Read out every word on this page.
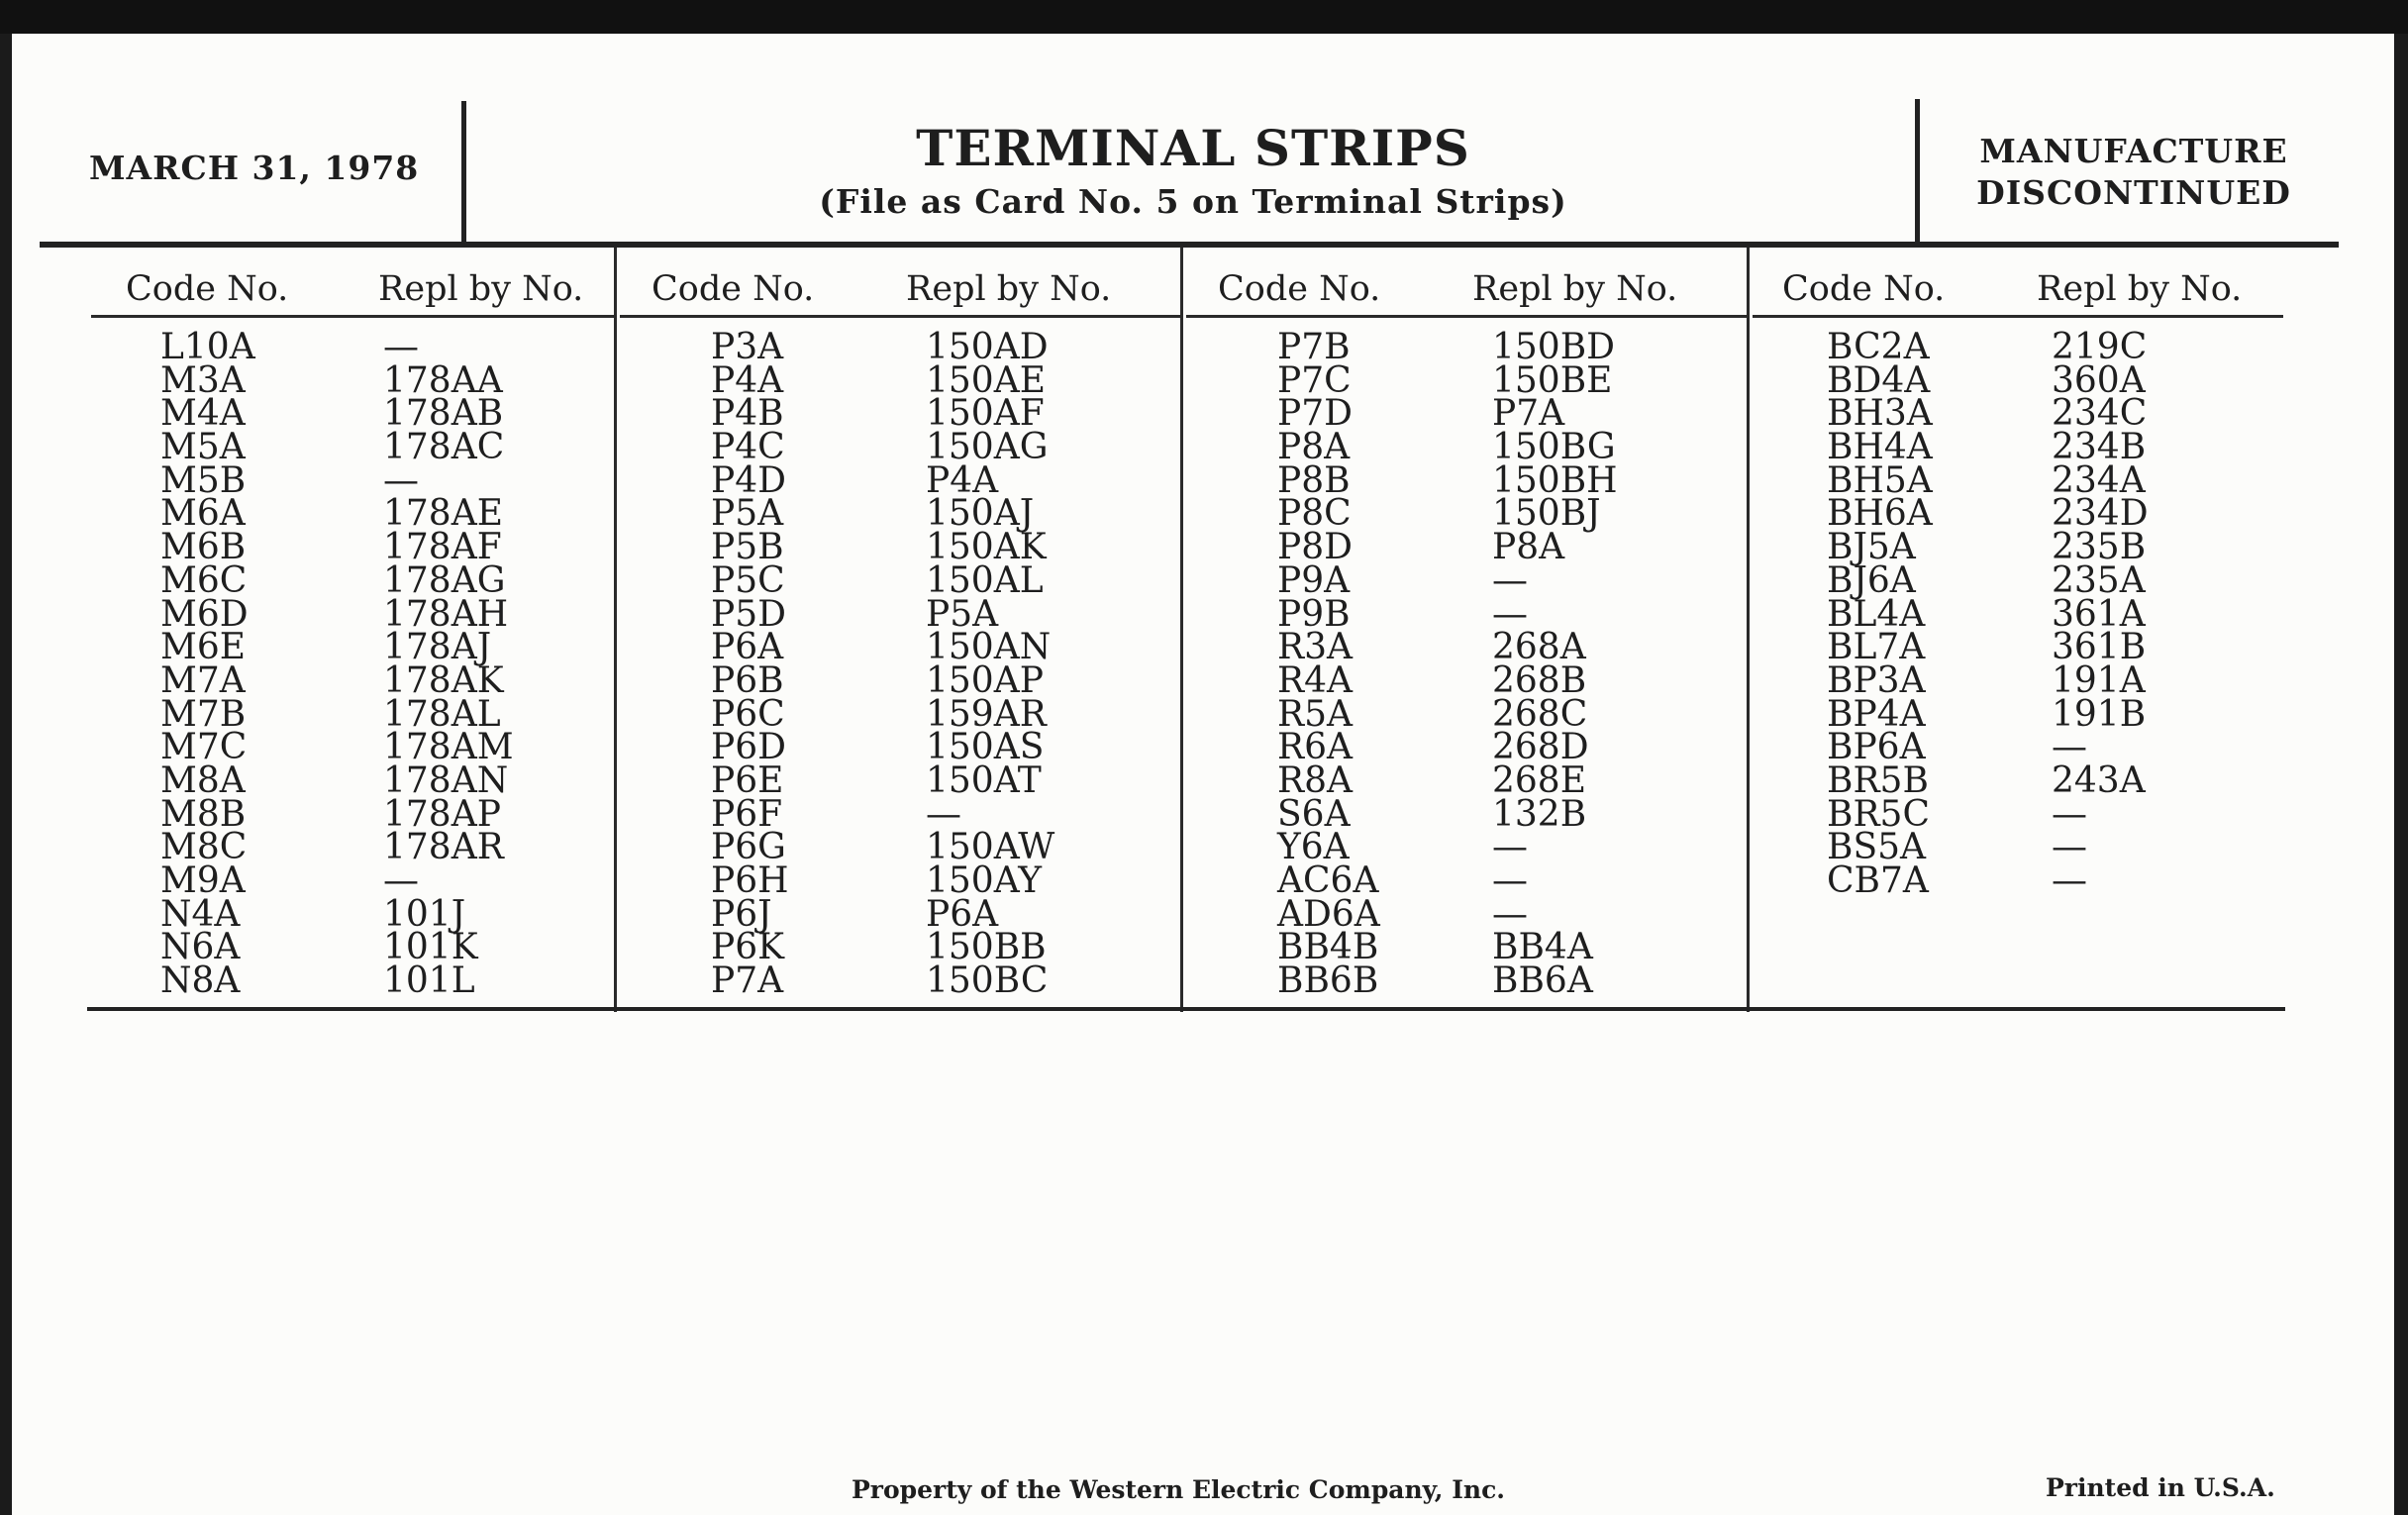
MARCH 31, 1978	TERMINAL STRIPS
(File as Card No. 5 on Terminal Strips)
MANUFACTURE
DISCONTINUED
Code No.	Repl by No.
L10A	—
M3A	178AA
M4A	178AB
M5A	178AC
M5B	—
M6A	178AE
M6B	178AF
M6C	178AG
M6D	178AH
M6E	178AJ
M7A	178AK
M7B	178AL
M7C	178AM
M8A	178AN
M8B	178AP
M8C	178AR
M9A	—
N4A	101J
N6A	101K
N8A	101L
Code No.	Repl by No.
P3A	150AD
P4A	150AE
P4B	150AF
P4C	150AG
P4D	P4A
P5A	150AJ
P5B	150AK
P5C	150AL
P5D	P5A
P6A	150AN
P6B	150AP
P6C	159AR
P6D	150AS
P6E	150AT
P6F	—
P6G	150AW
P6H	150AY
P6J	P6A
P6K	150BB
P7A	150BC
Code No.	Repl by No.
P7B	150BD
P7C	150BE
P7D	P7A
P8A	150BG
P8B	150BH
P8C	150BJ
P8D	P8A
P9A	—
P9B	—
R3A	268A
R4A	268B
R5A	268C
R6A	268D
R8A	268E
S6A	132B
Y6A	—
AC6A	—
AD6A	—
BB4B	BB4A
BB6B	BB6A
Code No.	Repl by No.
BC2A	219C
BD4A	360A
BH3A	234C
BH4A	234B
BH5A	234A
BH6A	234D
BJ5A	235B
BJ6A	235A
BL4A	361A
BL7A	361B
BP3A	191A
BP4A	191B
BP6A	—
BR5B	243A
BR5C	—
BS5A	—
CB7A	—
Property of the Western Electric Company, Inc.	Printed in U.S.A.
